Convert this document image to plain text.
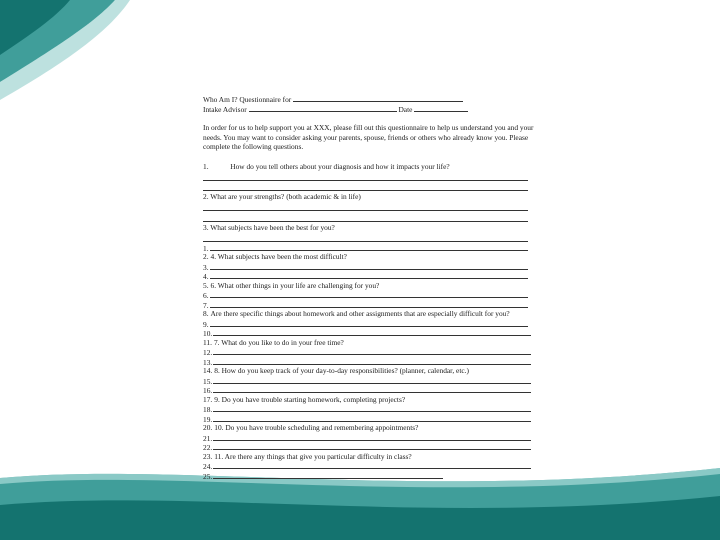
Who Am I? Questionnaire for
Intake Advisor	Date
In order for us to help support you at XXX, please fill out this questionnaire to help us understand you and your needs. You may want to consider asking your parents, spouse, friends or others who already know you. Please complete the following questions.
1.	How do you tell others about your diagnosis and how it impacts your life?
2. What are your strengths? (both academic & in life)
3. What subjects have been the best for you?
1.
2. 4. What subjects have been the most difficult?
3.
4.
5. 6. What other things in your life are challenging for you?
6.
7.
8. Are there specific things about homework and other assignments that are especially difficult for you?
9.
10.
11. 7. What do you like to do in your free time?
12.
13.
14. 8. How do you keep track of your day-to-day responsibilities? (planner, calendar, etc.)
15.
16.
17. 9. Do you have trouble starting homework, completing projects?
18.
19.
20. 10. Do you have trouble scheduling and remembering appointments?
21.
22.
23. 11. Are there any things that give you particular difficulty in class?
24.
25.
